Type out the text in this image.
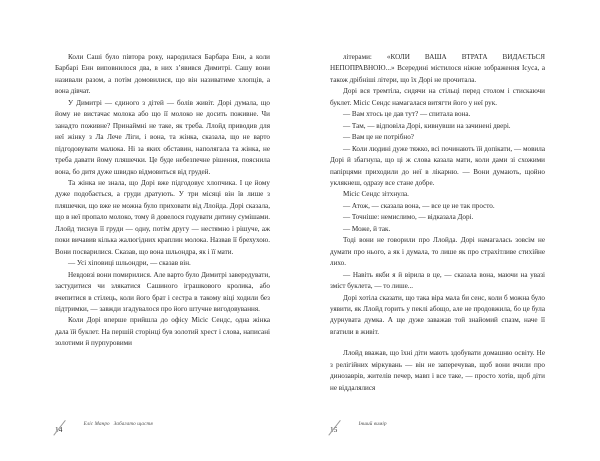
Коли Саші було півтора року, народилася Барбара Енн, а коли Барбарі Енн виповнилося два, в них з’явився Димитрі. Сашу вони називали разом, а потім домовилися, що він називатиме хлопців, а вона дівчат.

У Димитрі — єдиного з дітей — болів живіт. Дорі думала, що йому не вистачає молока або що її молоко не досить поживне. Чи занадто поживне? Принаймні не таке, як треба. Ллойд приводив для неї жінку з Ла Лече Ліги, і вона, та жінка, сказала, що не варто підгодовувати малюка. Ні за яких обставин, наполягала та жінка, не треба давати йому пляшечки. Це буде небезпечне рішення, пояснила вона, бо дитя дуже швидко відмовиться від грудей.

Та жінка не знала, що Дорі вже підгодовує хлопчика. І це йому дуже подобається, а груди дратують. У три місяці він їв лише з пляшечки, що вже не можна було приховати від Ллойда. Дорі сказала, що в неї пропало молоко, тому й довелося годувати дитину сумішами. Ллойд тиснув її груди — одну, потім другу — нестямно і рішуче, аж поки вичавив кілька жалюгідних краплин молока. Назвав її брехухою. Вони посварилися. Сказав, що вона шльондра, як і її мати.

— Усі хіповиці шльондри, — сказав він.

Невдовзі вони помирилися. Але варто було Димитрі завередувати, застудитися чи злякатися Сашиного іграшкового кролика, або вчепитися в стілець, коли його брат і сестра в такому віці ходили без підтримки, — завжди згадувалося про його штучне вигодовування.

Коли Дорі вперше прийшла до офісу Місіс Сендс, одна жінка дала їй буклет. На першій сторінці був золотий хрест і слова, написані золотими й пурпуровими

14
Еліс Манро Забагато щастя

літерами: «КОЛИ ВАША ВТРАТА ВИДАЄТЬСЯ НЕПОПРАВНОЮ...» Всередині містилося ніжне зображення Ісуса, а також дрібніші літери, що їх Дорі не прочитала.

Дорі вся тремтіла, сидячи на стільці перед столом і стискаючи буклет. Місіс Сендс намагалася витягти його у неї рук.

— Вам хтось це дав тут? — спитала вона.

— Там, — відповіла Дорі, кивнувши на зачинені двері.

— Вам це не потрібно?

— Коли людині дуже тяжко, всі починають їй допікати, — мовила Дорі й збагнула, що ці ж слова казала мати, коли дами зі схожими папірцями приходили до неї в лікарню. — Вони думають, щойно уклякнеш, одразу все стане добре.

Місіс Сендс зітхнула.

— Атож, — сказала вона, — все це не так просто.

— Точніше: немислимо, — відказала Дорі.

— Може, й так.

Тоді вони не говорили про Ллойда. Дорі намагалась зовсім не думати про нього, а як і думала, то лише як про страхітливе стихійне лихо.

— Навіть якби я й вірила в це, — сказала вона, маючи на увазі зміст буклета, — то лише...

Дорі хотіла сказати, що така віра мала би сенс, коли б можна було уявити, як Ллойд горить у пеклі абощо, але не продовжила, бо це була дурнувата думка. А ще дуже заважав той знайомий спазм, наче її вгатили в живіт.

Ллойд вважав, що їхні діти мають здобувати домашню освіту. Не з релігійних міркувань — він не заперечував, щоб вони вчили про динозаврів, жителів печер, мавп і все таке, — просто хотів, щоб діти не віддалялися

15
Інший вимір
